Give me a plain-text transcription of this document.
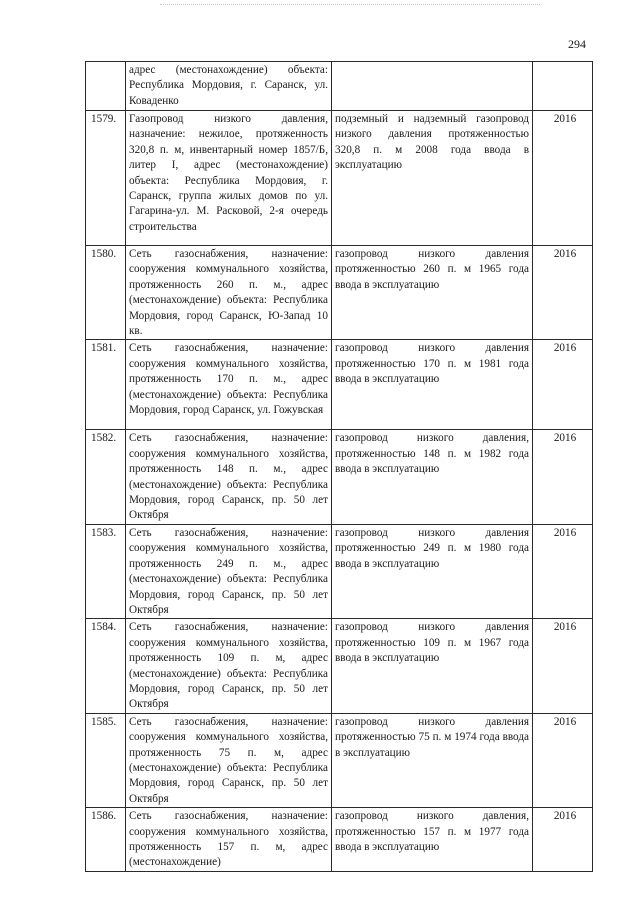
294
	адрес (местонахождение) объекта: Республика Мордовия, г. Саранск, ул. Коваденко		
1579.	Газопровод низкого давления, назначение: нежилое, протяженность 320,8 п. м, инвентарный номер 1857/Б, литер I, адрес (местонахождение) объекта: Республика Мордовия, г. Саранск, группа жилых домов по ул. Гагарина-ул. М. Расковой, 2-я очередь строительства	подземный и надземный газопровод низкого давления протяженностью 320,8 п. м 2008 года ввода в эксплуатацию	2016
1580.	Сеть газоснабжения, назначение: сооружения коммунального хозяйства, протяженность 260 п. м., адрес (местонахождение) объекта: Республика Мордовия, город Саранск, Ю-Запад 10 кв.	газопровод низкого давления протяженностью 260 п. м 1965 года ввода в эксплуатацию	2016
1581.	Сеть газоснабжения, назначение: сооружения коммунального хозяйства, протяженность 170 п. м., адрес (местонахождение) объекта: Республика Мордовия, город Саранск, ул. Гожувская	газопровод низкого давления протяженностью 170 п. м 1981 года ввода в эксплуатацию	2016
1582.	Сеть газоснабжения, назначение: сооружения коммунального хозяйства, протяженность 148 п. м., адрес (местонахождение) объекта: Республика Мордовия, город Саранск, пр. 50 лет Октября	газопровод низкого давления, протяженностью 148 п. м 1982 года ввода в эксплуатацию	2016
1583.	Сеть газоснабжения, назначение: сооружения коммунального хозяйства, протяженность 249 п. м., адрес (местонахождение) объекта: Республика Мордовия, город Саранск, пр. 50 лет Октября	газопровод низкого давления протяженностью 249 п. м 1980 года ввода в эксплуатацию	2016
1584.	Сеть газоснабжения, назначение: сооружения коммунального хозяйства, протяженность 109 п. м, адрес (местонахождение) объекта: Республика Мордовия, город Саранск, пр. 50 лет Октября	газопровод низкого давления протяженностью 109 п. м 1967 года ввода в эксплуатацию	2016
1585.	Сеть газоснабжения, назначение: сооружения коммунального хозяйства, протяженность 75 п. м, адрес (местонахождение) объекта: Республика Мордовия, город Саранск, пр. 50 лет Октября	газопровод низкого давления протяженностью 75 п. м 1974 года ввода в эксплуатацию	2016
1586.	Сеть газоснабжения, назначение: сооружения коммунального хозяйства, протяженность 157 п. м, адрес (местонахождение)	газопровод низкого давления, протяженностью 157 п. м 1977 года ввода в эксплуатацию	2016
